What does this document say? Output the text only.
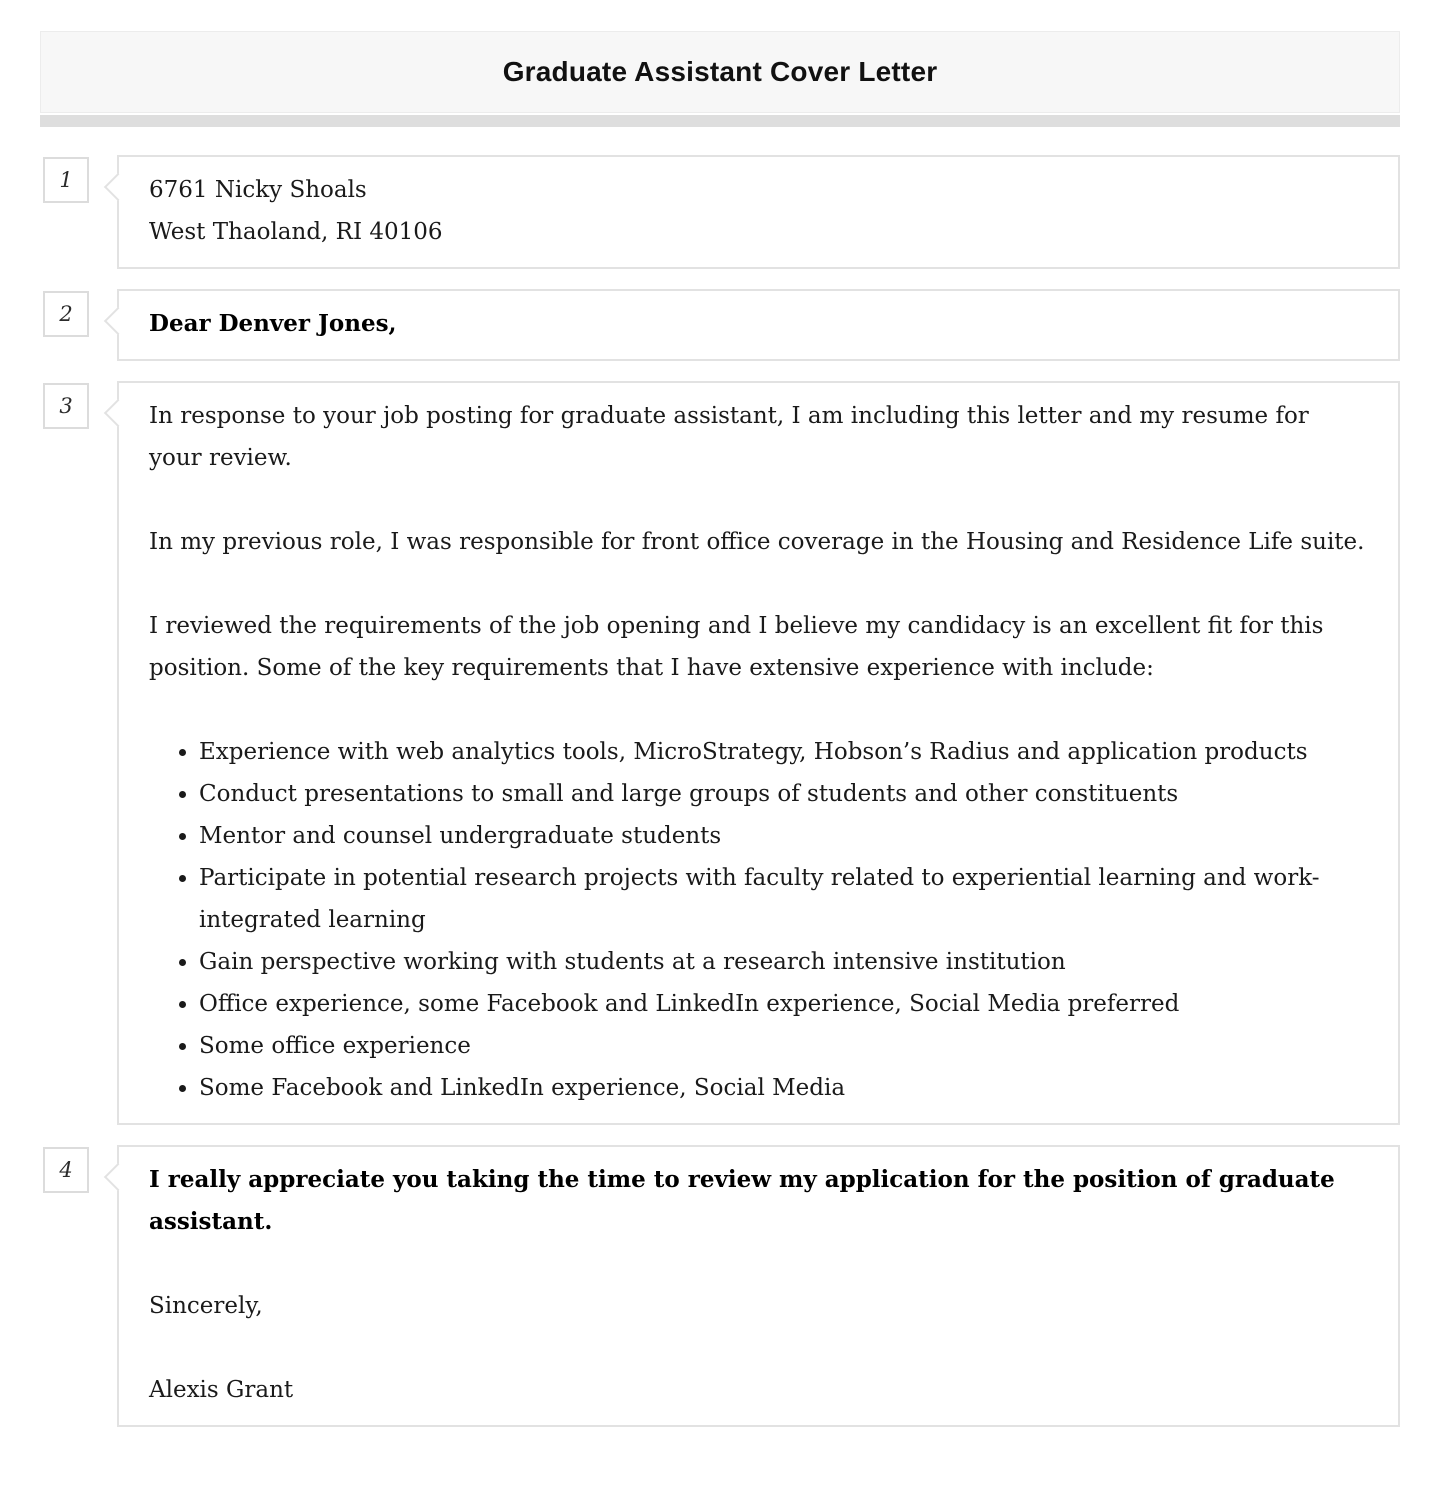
Graduate Assistant Cover Letter
1	6761 Nicky Shoals
West Thaoland, RI 40106
2	Dear Denver Jones,

3	In response to your job posting for graduate assistant, I am including this letter and my resume for your review.

In my previous role, I was responsible for front office coverage in the Housing and Residence Life suite.

I reviewed the requirements of the job opening and I believe my candidacy is an excellent fit for this position. Some of the key requirements that I have extensive experience with include:

• Experience with web analytics tools, MicroStrategy, Hobson’s Radius and application products
• Conduct presentations to small and large groups of students and other constituents
• Mentor and counsel undergraduate students
• Participate in potential research projects with faculty related to experiential learning and work-integrated learning
• Gain perspective working with students at a research intensive institution
• Office experience, some Facebook and LinkedIn experience, Social Media preferred
• Some office experience
• Some Facebook and LinkedIn experience, Social Media
4	I really appreciate you taking the time to review my application for the position of graduate assistant.

Sincerely,

Alexis Grant
